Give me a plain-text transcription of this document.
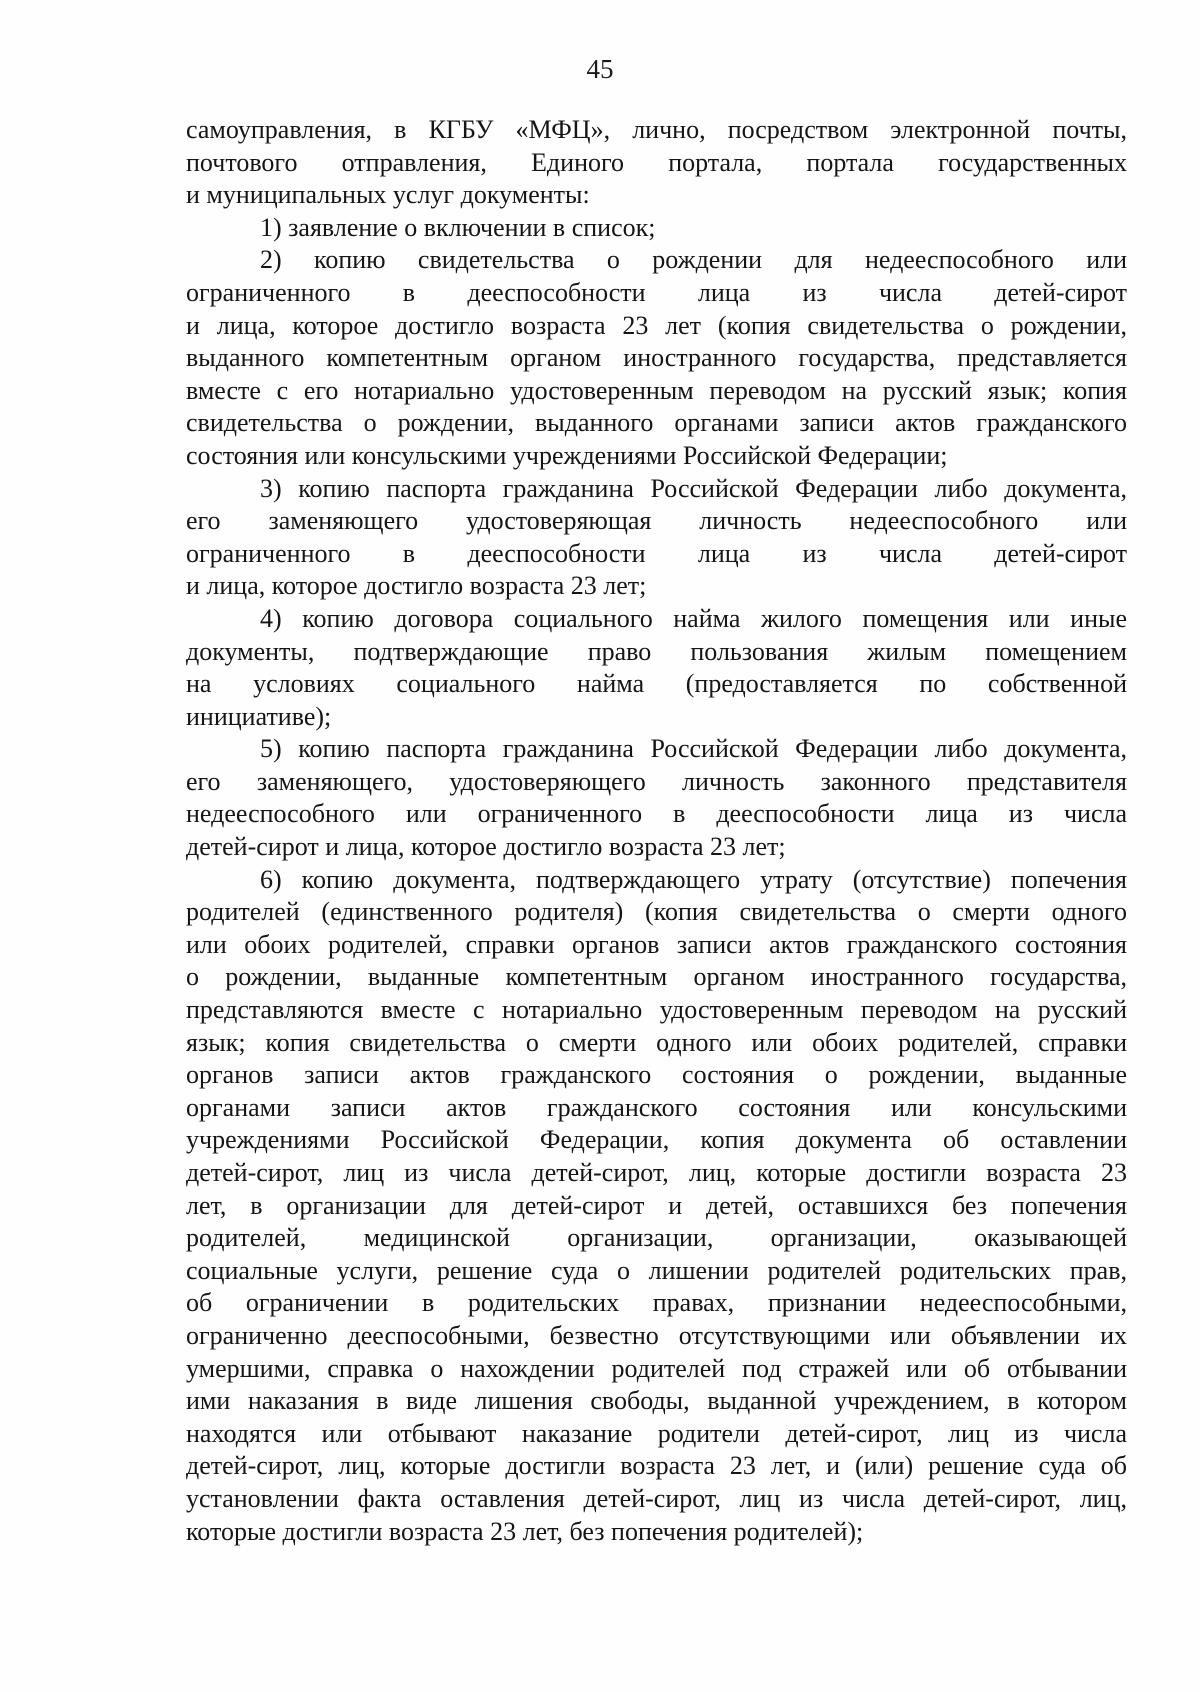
45
самоуправления, в КГБУ «МФЦ», лично, посредством электронной почты,
почтового отправления, Единого портала, портала государственных
и муниципальных услуг документы:
1) заявление о включении в список;
2) копию свидетельства о рождении для недееспособного или
ограниченного в дееспособности лица из числа детей-сирот
и лица, которое достигло возраста 23 лет (копия свидетельства о рождении,
выданного компетентным органом иностранного государства, представляется
вместе с его нотариально удостоверенным переводом на русский язык; копия
свидетельства о рождении, выданного органами записи актов гражданского
состояния или консульскими учреждениями Российской Федерации;
3) копию паспорта гражданина Российской Федерации либо документа,
его заменяющего удостоверяющая личность недееспособного или
ограниченного в дееспособности лица из числа детей-сирот
и лица, которое достигло возраста 23 лет;
4) копию договора социального найма жилого помещения или иные
документы, подтверждающие право пользования жилым помещением
на условиях социального найма (предоставляется по собственной
инициативе);
5) копию паспорта гражданина Российской Федерации либо документа,
его заменяющего, удостоверяющего личность законного представителя
недееспособного или ограниченного в дееспособности лица из числа
детей-сирот и лица, которое достигло возраста 23 лет;
6) копию документа, подтверждающего утрату (отсутствие) попечения
родителей (единственного родителя) (копия свидетельства о смерти одного
или обоих родителей, справки органов записи актов гражданского состояния
о рождении, выданные компетентным органом иностранного государства,
представляются вместе с нотариально удостоверенным переводом на русский
язык; копия свидетельства о смерти одного или обоих родителей, справки
органов записи актов гражданского состояния о рождении, выданные
органами записи актов гражданского состояния или консульскими
учреждениями Российской Федерации, копия документа об оставлении
детей-сирот, лиц из числа детей-сирот, лиц, которые достигли возраста 23
лет, в организации для детей-сирот и детей, оставшихся без попечения
родителей, медицинской организации, организации, оказывающей
социальные услуги, решение суда о лишении родителей родительских прав,
об ограничении в родительских правах, признании недееспособными,
ограниченно дееспособными, безвестно отсутствующими или объявлении их
умершими, справка о нахождении родителей под стражей или об отбывании
ими наказания в виде лишения свободы, выданной учреждением, в котором
находятся или отбывают наказание родители детей-сирот, лиц из числа
детей-сирот, лиц, которые достигли возраста 23 лет, и (или) решение суда об
установлении факта оставления детей-сирот, лиц из числа детей-сирот, лиц,
которые достигли возраста 23 лет, без попечения родителей);
